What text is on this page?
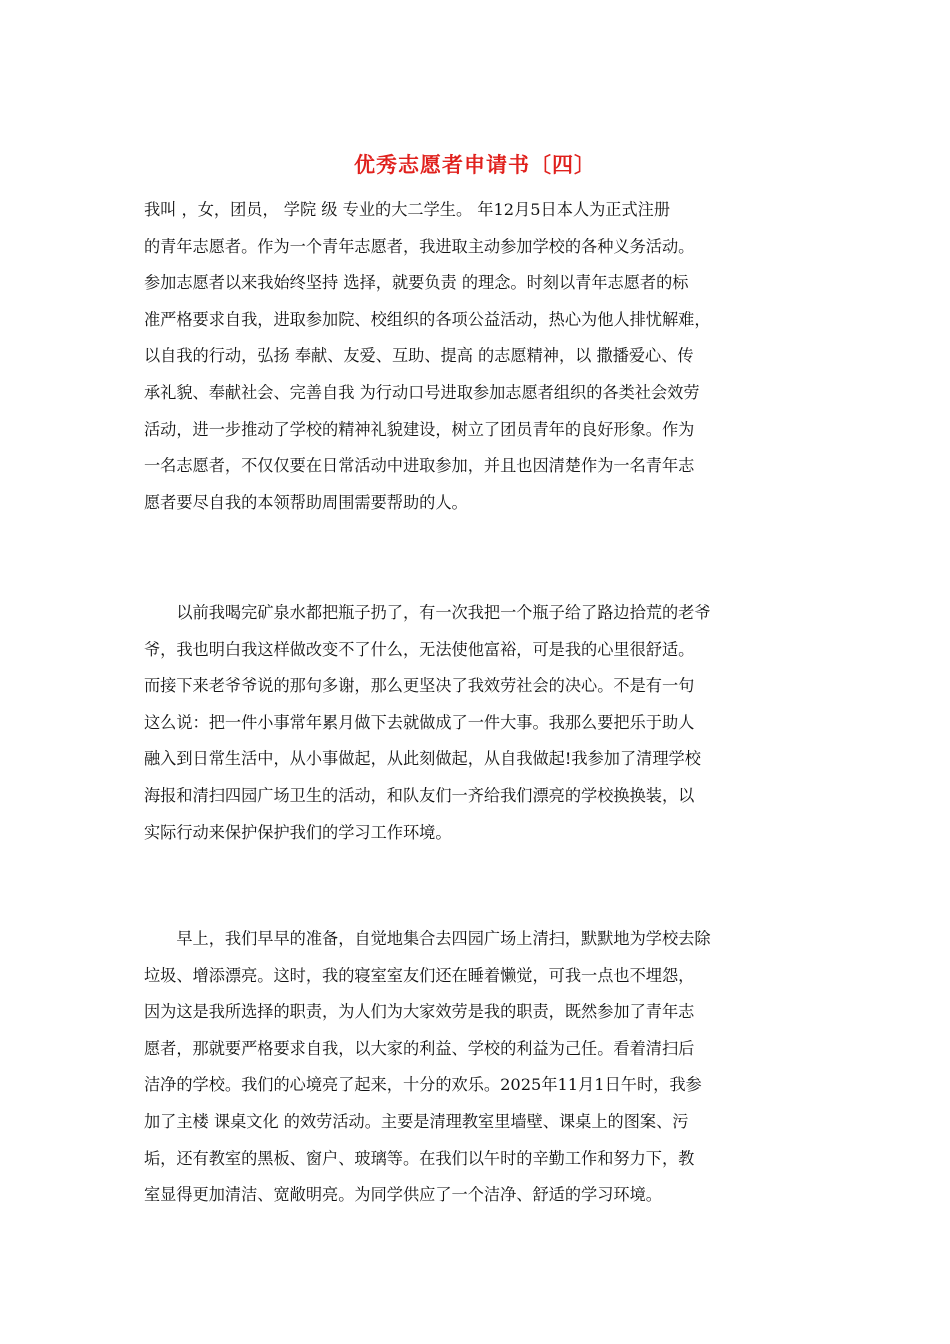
优秀志愿者申请书〔四〕
我叫 ，女，团员， 学院 级 专业的大二学生。 年12月5日本人为正式注册
的青年志愿者。作为一个青年志愿者，我进取主动参加学校的各种义务活动。
参加志愿者以来我始终坚持 选择，就要负责 的理念。时刻以青年志愿者的标
准严格要求自我，进取参加院、校组织的各项公益活动，热心为他人排忧解难，
以自我的行动，弘扬 奉献、友爱、互助、提高 的志愿精神，以 撒播爱心、传
承礼貌、奉献社会、完善自我 为行动口号进取参加志愿者组织的各类社会效劳
活动，进一步推动了学校的精神礼貌建设，树立了团员青年的良好形象。作为
一名志愿者，不仅仅要在日常活动中进取参加，并且也因清楚作为一名青年志
愿者要尽自我的本领帮助周围需要帮助的人。
　　以前我喝完矿泉水都把瓶子扔了，有一次我把一个瓶子给了路边拾荒的老爷
爷，我也明白我这样做改变不了什么，无法使他富裕，可是我的心里很舒适。
而接下来老爷爷说的那句多谢，那么更坚决了我效劳社会的决心。不是有一句
这么说：把一件小事常年累月做下去就做成了一件大事。我那么要把乐于助人
融入到日常生活中，从小事做起，从此刻做起，从自我做起!我参加了清理学校
海报和清扫四园广场卫生的活动，和队友们一齐给我们漂亮的学校换换装，以
实际行动来保护保护我们的学习工作环境。
　　早上，我们早早的准备，自觉地集合去四园广场上清扫，默默地为学校去除
垃圾、增添漂亮。这时，我的寝室室友们还在睡着懒觉，可我一点也不埋怨，
因为这是我所选择的职责，为人们为大家效劳是我的职责，既然参加了青年志
愿者，那就要严格要求自我，以大家的利益、学校的利益为己任。看着清扫后
洁净的学校。我们的心境亮了起来，十分的欢乐。2025年11月1日午时，我参
加了主楼 课桌文化 的效劳活动。主要是清理教室里墙壁、课桌上的图案、污
垢，还有教室的黑板、窗户、玻璃等。在我们以午时的辛勤工作和努力下，教
室显得更加清洁、宽敞明亮。为同学供应了一个洁净、舒适的学习环境。
